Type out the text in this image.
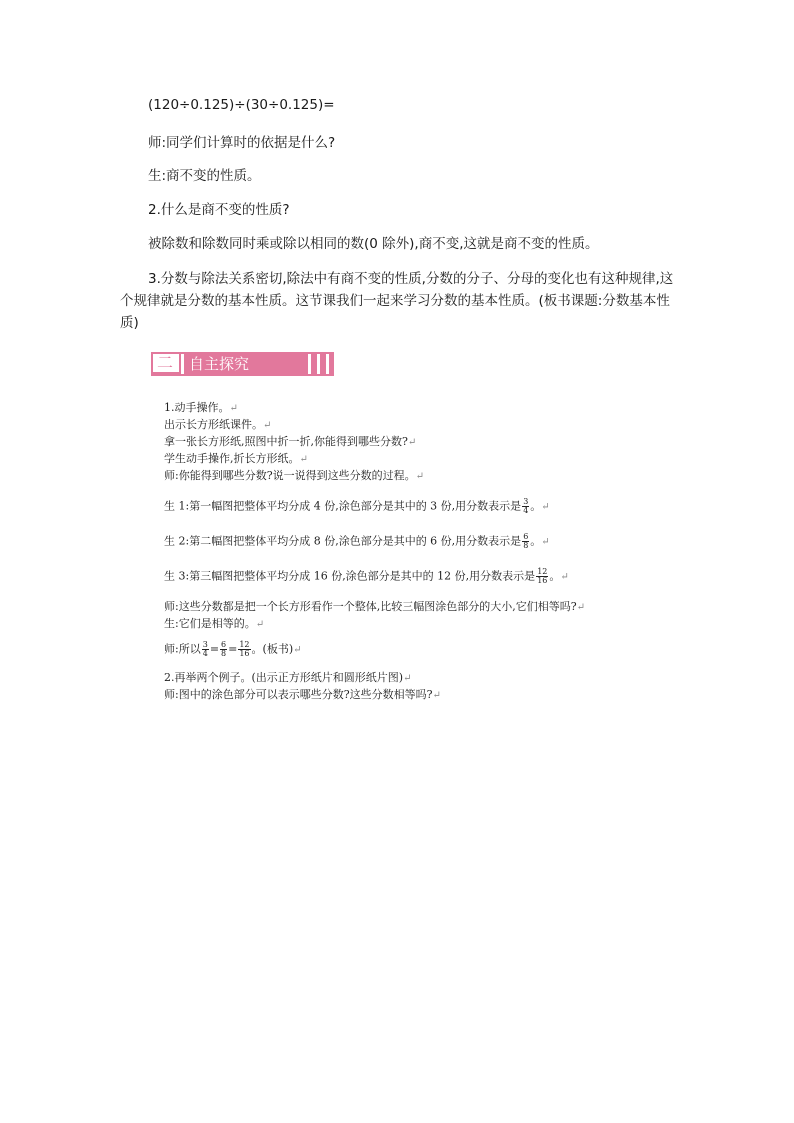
(120÷0.125)÷(30÷0.125)=
师:同学们计算时的依据是什么?
生:商不变的性质。
2.什么是商不变的性质?
被除数和除数同时乘或除以相同的数(0 除外),商不变,这就是商不变的性质。
3.分数与除法关系密切,除法中有商不变的性质,分数的分子、分母的变化也有这种规律,这个规律就是分数的基本性质。这节课我们一起来学习分数的基本性质。(板书课题:分数基本性质)
二 自主探究
1.动手操作。↵
出示长方形纸课件。↵
拿一张长方形纸,照图中折一折,你能得到哪些分数?↵
学生动手操作,折长方形纸。↵
师:你能得到哪些分数?说一说得到这些分数的过程。↵
生 1:第一幅图把整体平均分成 4 份,涂色部分是其中的 3 份,用分数表示是 $\frac{3}{4}$ 。↵
生 2:第二幅图把整体平均分成 8 份,涂色部分是其中的 6 份,用分数表示是 $\frac{6}{8}$ 。↵
生 3:第三幅图把整体平均分成 16 份,涂色部分是其中的 12 份,用分数表示是 $\frac{12}{16}$ 。↵
师:这些分数都是把一个长方形看作一个整体,比较三幅图涂色部分的大小,它们相等吗?↵
生:它们是相等的。↵
师:所以 $\frac{3}{4} = \frac{6}{8} = \frac{12}{16}$ 。(板书)↵
2.再举两个例子。(出示正方形纸片和圆形纸片图)↵
师:图中的涂色部分可以表示哪些分数?这些分数相等吗?↵
